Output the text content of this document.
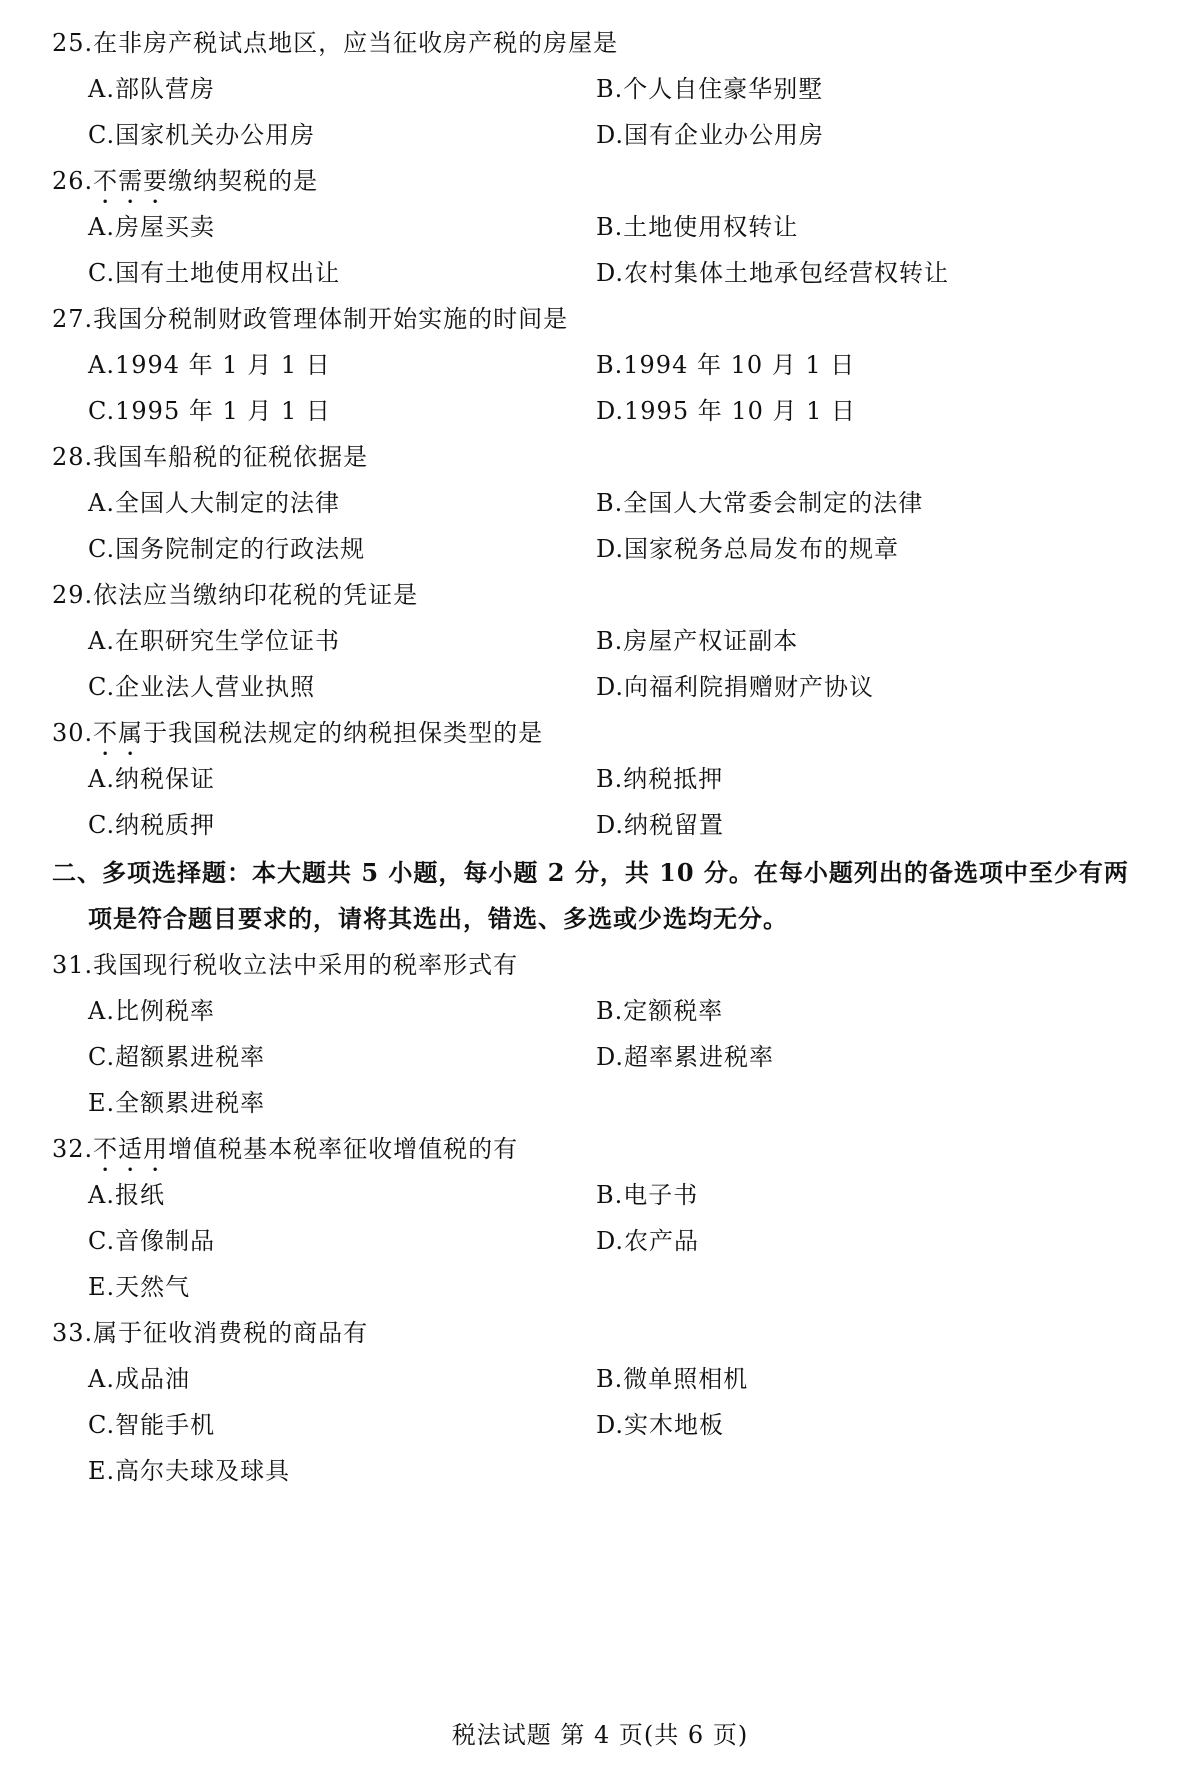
25.在非房产税试点地区，应当征收房产税的房屋是
A.部队营房	B.个人自住豪华别墅
C.国家机关办公用房	D.国有企业办公用房
26.不需要缴纳契税的是
A.房屋买卖	B.土地使用权转让
C.国有土地使用权出让	D.农村集体土地承包经营权转让
27.我国分税制财政管理体制开始实施的时间是
A.1994 年 1 月 1 日	B.1994 年 10 月 1 日
C.1995 年 1 月 1 日	D.1995 年 10 月 1 日
28.我国车船税的征税依据是
A.全国人大制定的法律	B.全国人大常委会制定的法律
C.国务院制定的行政法规	D.国家税务总局发布的规章
29.依法应当缴纳印花税的凭证是
A.在职研究生学位证书	B.房屋产权证副本
C.企业法人营业执照	D.向福利院捐赠财产协议
30.不属于我国税法规定的纳税担保类型的是
A.纳税保证	B.纳税抵押
C.纳税质押	D.纳税留置
二、多项选择题：本大题共 5 小题，每小题 2 分，共 10 分。在每小题列出的备选项中至少有两
项是符合题目要求的，请将其选出，错选、多选或少选均无分。
31.我国现行税收立法中采用的税率形式有
A.比例税率	B.定额税率
C.超额累进税率	D.超率累进税率
E.全额累进税率
32.不适用增值税基本税率征收增值税的有
A.报纸	B.电子书
C.音像制品	D.农产品
E.天然气
33.属于征收消费税的商品有
A.成品油	B.微单照相机
C.智能手机	D.实木地板
E.高尔夫球及球具
税法试题 第 4 页(共 6 页)
